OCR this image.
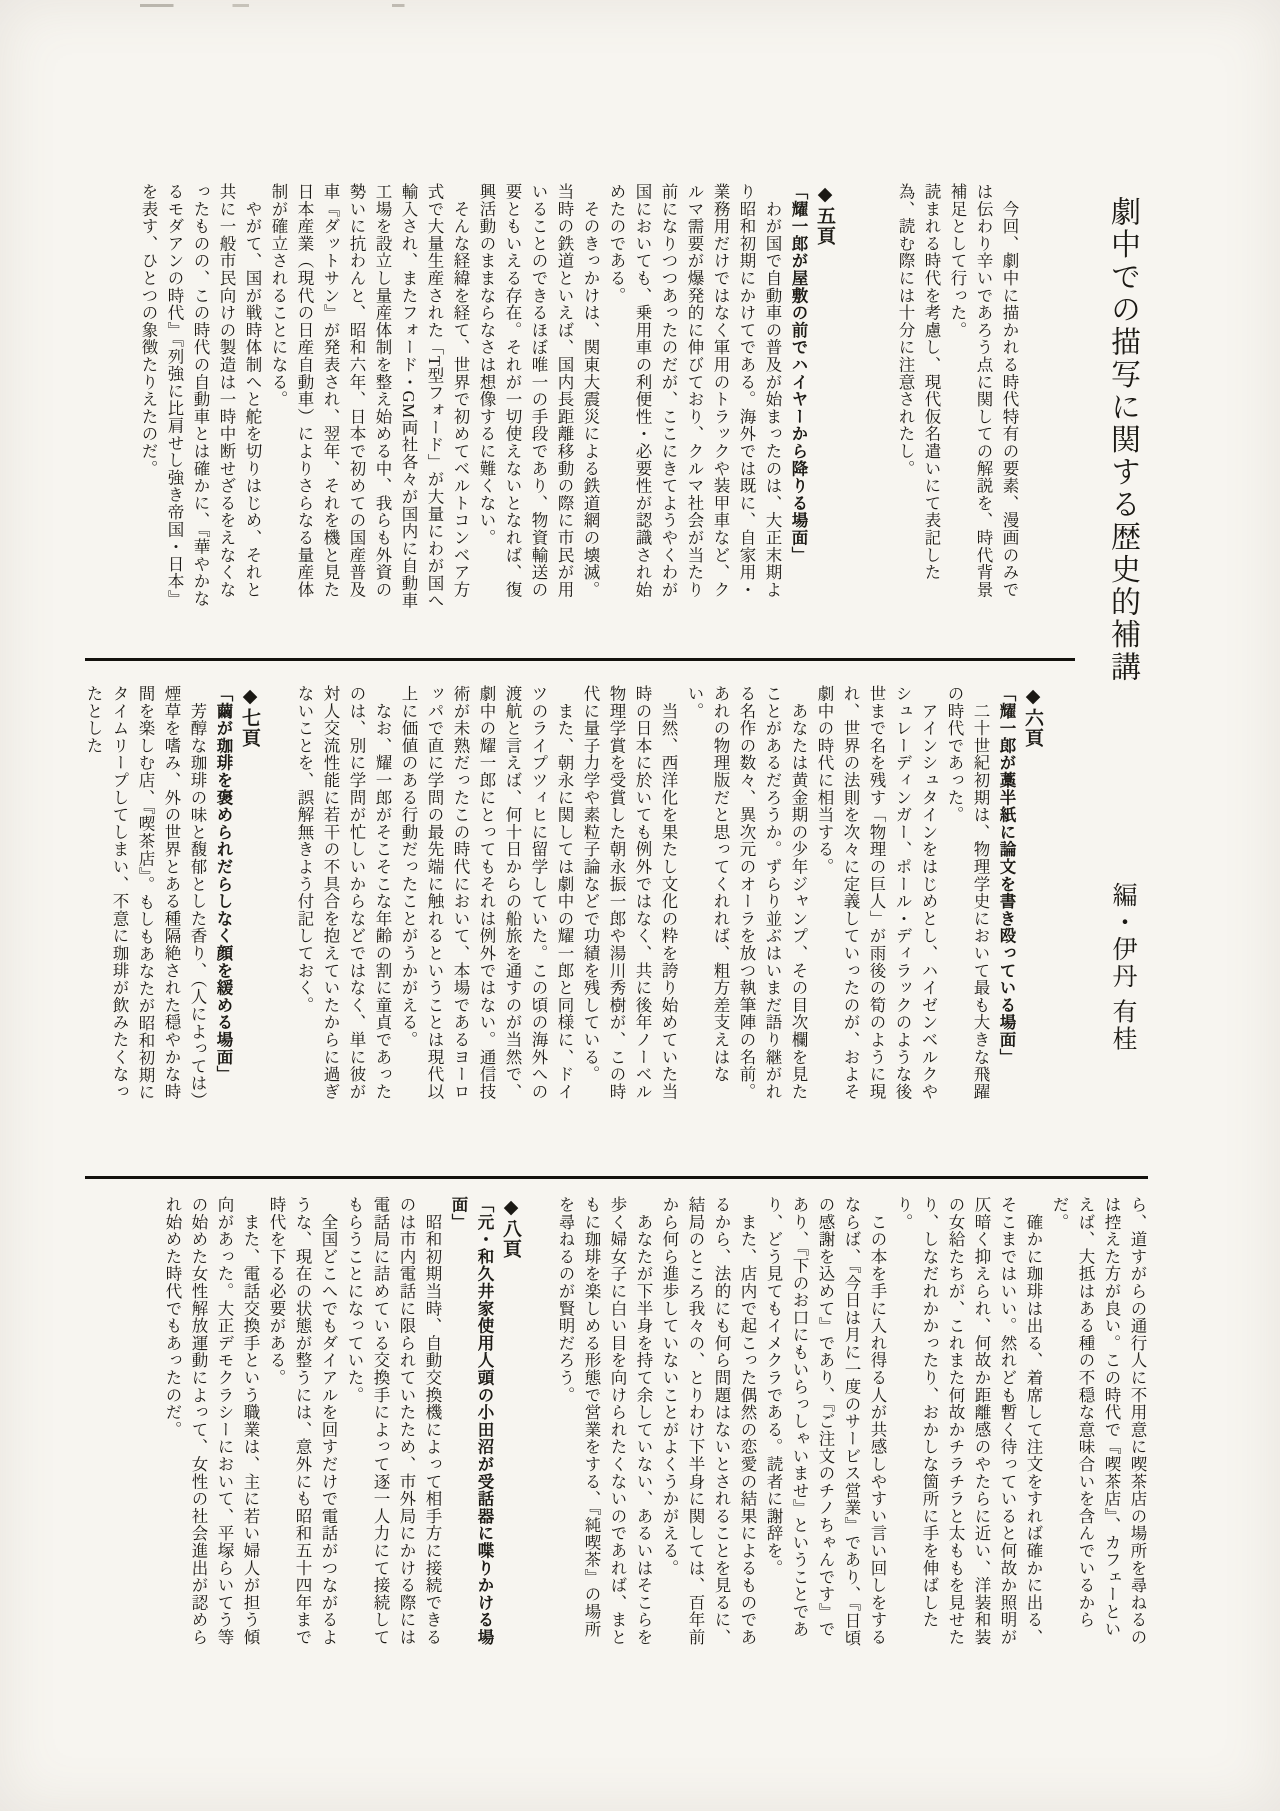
劇中での描写に関する歴史的補講 編・伊丹 有桂

　今回、劇中に描かれる時代特有の要素、漫画のみでは伝わり辛いであろう点に関しての解説を、時代背景補足として行った。

読まれる時代を考慮し、現代仮名遣いにて表記した為、読む際には十分に注意されたし。

◆五頁
「耀一郎が屋敷の前でハイヤーから降りる場面」

　わが国で自動車の普及が始まったのは、大正末期より昭和初期にかけてである。海外では既に、自家用・業務用だけではなく軍用のトラックや装甲車など、クルマ需要が爆発的に伸びており、クルマ社会が当たり前になりつつあったのだが、ここにきてようやくわが国においても、乗用車の利便性・必要性が認識され始めたのである。

　そのきっかけは、関東大震災による鉄道網の壊滅。当時の鉄道といえば、国内長距離移動の際に市民が用いることのできるほぼ唯一の手段であり、物資輸送の要ともいえる存在。それが一切使えないとなれば、復興活動のままならなさは想像するに難くない。

　そんな経緯を経て、世界で初めてベルトコンベア方式で大量生産された「T型フォード」が大量にわが国へ輸入され、またフォード・GM両社各々が国内に自動車工場を設立し量産体制を整え始める中、我らも外資の勢いに抗わんと、昭和六年、日本で初めての国産普及車『ダットサン』が発表され、翌年、それを機と見た日本産業（現代の日産自動車）によりさらなる量産体制が確立されることになる。

　やがて、国が戦時体制へと舵を切りはじめ、それと共に一般市民向けの製造は一時中断せざるをえなくなったものの、この時代の自動車とは確かに、『華やかなるモダアンの時代』『列強に比肩せし強き帝国・日本』を表す、ひとつの象徴たりえたのだ。

◆六頁
「耀一郎が藁半紙に論文を書き殴っている場面」

　二十世紀初期は、物理学史において最も大きな飛躍の時代であった。

　アインシュタインをはじめとし、ハイゼンベルクやシュレーディンガー、ポール・ディラックのような後世まで名を残す「物理の巨人」が雨後の筍のように現れ、世界の法則を次々に定義していったのが、およそ劇中の時代に相当する。

　あなたは黄金期の少年ジャンプ、その目次欄を見たことがあるだろうか。ずらり並ぶはいまだ語り継がれる名作の数々、異次元のオーラを放つ執筆陣の名前。あれの物理版だと思ってくれれば、粗方差支えはない。

　当然、西洋化を果たし文化の粋を誇り始めていた当時の日本に於いても例外ではなく、共に後年ノーベル物理学賞を受賞した朝永振一郎や湯川秀樹が、この時代に量子力学や素粒子論などで功績を残している。

　また、朝永に関しては劇中の耀一郎と同様に、ドイツのライプツィヒに留学していた。この頃の海外への渡航と言えば、何十日からの船旅を通すのが当然で、劇中の耀一郎にとってもそれは例外ではない。通信技術が未熟だったこの時代において、本場であるヨーロッパで直に学問の最先端に触れるということは現代以上に価値のある行動だったことがうかがえる。

　なお、耀一郎がそこそこな年齢の割に童貞であったのは、別に学問が忙しいからなどではなく、単に彼が対人交流性能に若干の不具合を抱えていたからに過ぎないことを、誤解無きよう付記しておく。

◆七頁
「繭が珈琲を褒められだらしなく顔を緩める場面」

　芳醇な珈琲の味と馥郁とした香り、（人によっては）煙草を嗜み、外の世界とある種隔絶された穏やかな時間を楽しむ店、『喫茶店』。もしもあなたが昭和初期にタイムリープしてしまい、不意に珈琲が飲みたくなったとした

ら、道すがらの通行人に不用意に喫茶店の場所を尋ねるのは控えた方が良い。この時代で『喫茶店』、カフェーといえば、大抵はある種の不穏な意味合いを含んでいるからだ。

　確かに珈琲は出る、着席して注文をすれば確かに出る、そこまではいい。然れども暫く待っていると何故か照明が仄暗く抑えられ、何故か距離感のやたらに近い、洋装和装の女給たちが、これまた何故かチラチラと太ももを見せたり、しなだれかかったり、おかしな箇所に手を伸ばしたり。

　この本を手に入れ得る人が共感しやすい言い回しをするならば、『今日は月に一度のサービス営業』であり、『日頃の感謝を込めて』であり、『ご注文のチノちゃんです』であり、『下のお口にもいらっしゃいませ』ということであり、どう見てもイメクラである。読者に謝辞を。

　また、店内で起こった偶然の恋愛の結果によるものであるから、法的にも何ら問題はないとされることを見るに、結局のところ我々の、とりわけ下半身に関しては、百年前から何ら進歩していないことがよくうかがえる。

　あなたが下半身を持て余していない、あるいはそこらを歩く婦女子に白い目を向けられたくないのであれば、まともに珈琲を楽しめる形態で営業をする、『純喫茶』の場所を尋ねるのが賢明だろう。

◆八頁
「元・和久井家使用人頭の小田沼が受話器に喋りかける場面」

　昭和初期当時、自動交換機によって相手方に接続できるのは市内電話に限られていたため、市外局にかける際には電話局に詰めている交換手によって逐一人力にて接続してもらうことになっていた。

　全国どこへでもダイアルを回すだけで電話がつながるような、現在の状態が整うには、意外にも昭和五十四年まで時代を下る必要がある。

　また、電話交換手という職業は、主に若い婦人が担う傾向があった。大正デモクラシーにおいて、平塚らいてう等の始めた女性解放運動によって、女性の社会進出が認められ始めた時代でもあったのだ。
